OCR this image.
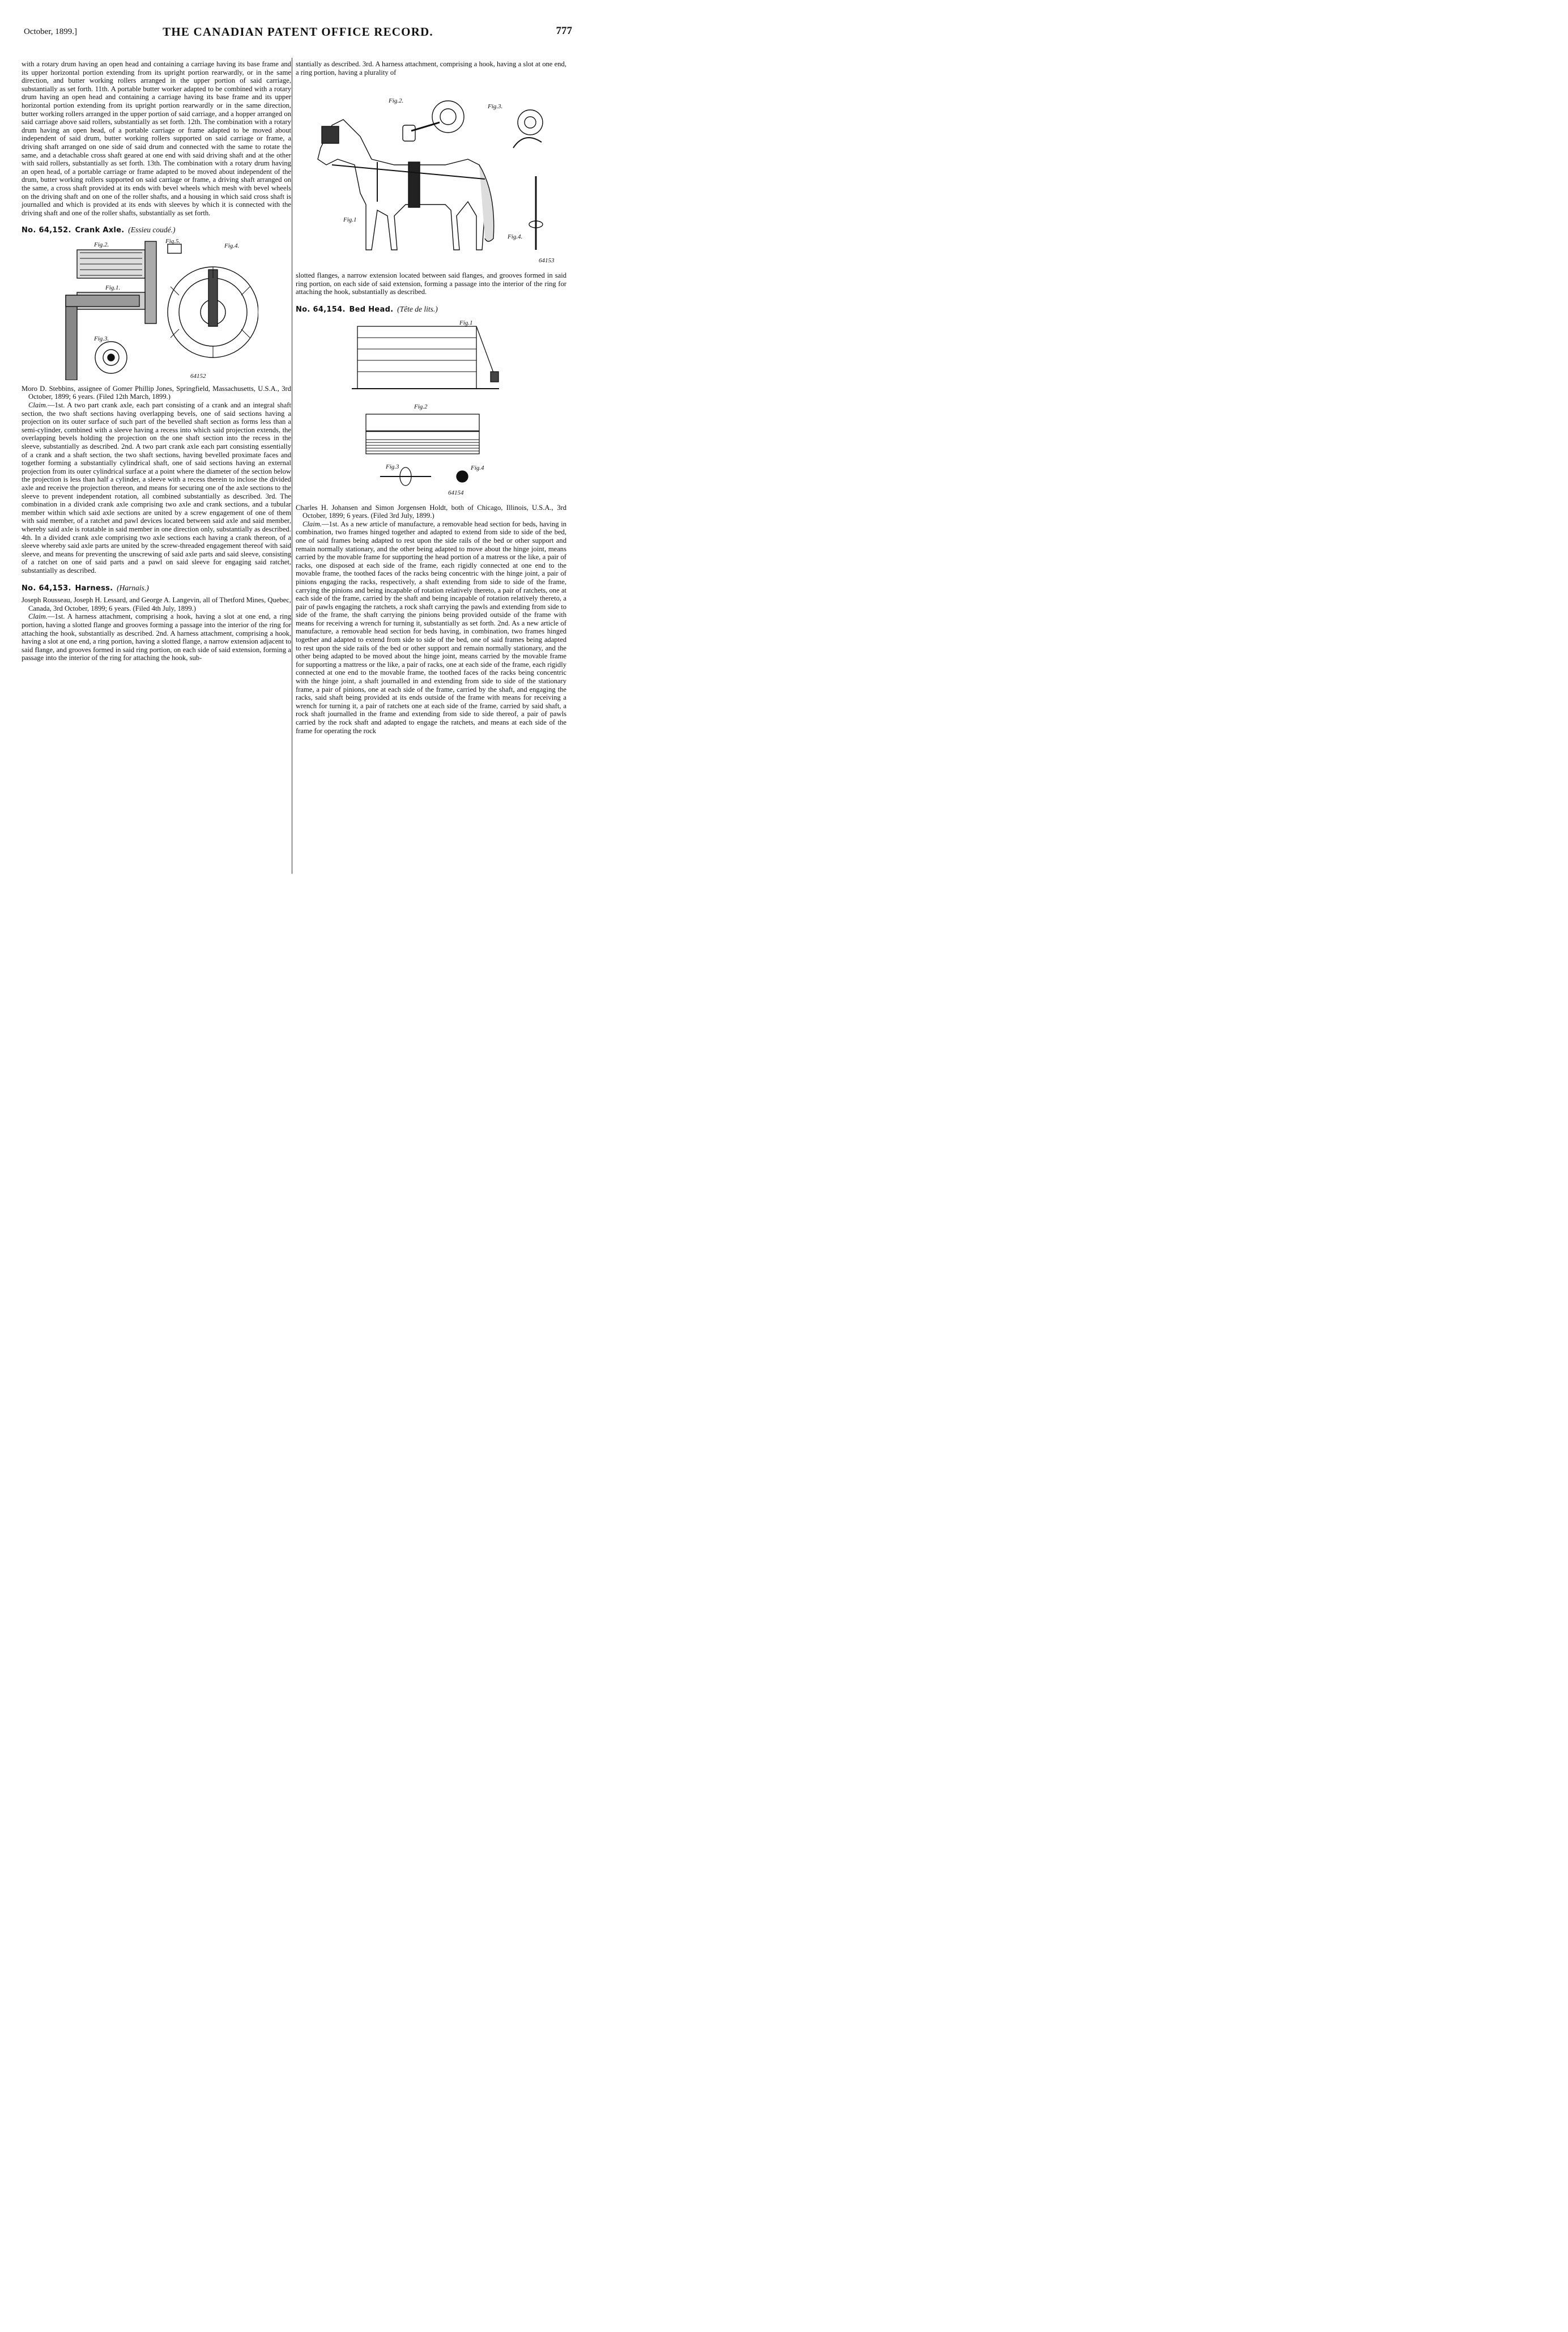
October, 1899.]	THE CANADIAN PATENT OFFICE RECORD.	777

with a rotary drum having an open head and containing a carriage having its base frame and its upper horizontal portion extending from its upright portion rearwardly, or in the same direction, and butter working rollers arranged in the upper portion of said carriage, substantially as set forth. 11th. A portable butter worker adapted to be combined with a rotary drum having an open head and containing a carriage having its base frame and its upper horizontal portion extending from its upright portion rearwardly or in the same direction, butter working rollers arranged in the upper portion of said carriage, and a hopper arranged on said carriage above said rollers, substantially as set forth. 12th. The combination with a rotary drum having an open head, of a portable carriage or frame adapted to be moved about independent of said drum, butter working rollers supported on said carriage or frame, a driving shaft arranged on one side of said drum and connected with the same to rotate the same, and a detachable cross shaft geared at one end with said driving shaft and at the other with said rollers, substantially as set forth. 13th. The combination with a rotary drum having an open head, of a portable carriage or frame adapted to be moved about independent of the drum, butter working rollers supported on said carriage or frame, a driving shaft arranged on the same, a cross shaft provided at its ends with bevel wheels which mesh with bevel wheels on the driving shaft and on one of the roller shafts, and a housing in which said cross shaft is journalled and which is provided at its ends with sleeves by which it is connected with the driving shaft and one of the roller shafts, substantially as set forth.

No. 64,152. Crank Axle. (Essieu coudé.)
Fig.2.	Fig.5.
Fig.4.
Fig.1.
Fig.3.
64152

Moro D. Stebbins, assignee of Gomer Phillip Jones, Springfield, Massachusetts, U.S.A., 3rd October, 1899; 6 years. (Filed 12th March, 1899.)

Claim.—1st. A two part crank axle, each part consisting of a crank and an integral shaft section, the two shaft sections having overlapping bevels, one of said sections having a projection on its outer surface of such part of the bevelled shaft section as forms less than a semi-cylinder, combined with a sleeve having a recess into which said projection extends, the overlapping bevels holding the projection on the one shaft section into the recess in the sleeve, substantially as described. 2nd. A two part crank axle each part consisting essentially of a crank and a shaft section, the two shaft sections, having bevelled proximate faces and together forming a substantially cylindrical shaft, one of said sections having an external projection from its outer cylindrical surface at a point where the diameter of the section below the projection is less than half a cylinder, a sleeve with a recess therein to inclose the divided axle and receive the projection thereon, and means for securing one of the axle sections to the sleeve to prevent independent rotation, all combined substantially as described. 3rd. The combination in a divided crank axle comprising two axle and crank sections, and a tubular member within which said axle sections are united by a screw engagement of one of them with said member, of a ratchet and pawl devices located between said axle and said member, whereby said axle is rotatable in said member in one direction only, substantially as described. 4th. In a divided crank axle comprising two axle sections each having a crank thereon, of a sleeve whereby said axle parts are united by the screw-threaded engagement thereof with said sleeve, and means for preventing the unscrewing of said axle parts and said sleeve, consisting of a ratchet on one of said parts and a pawl on said sleeve for engaging said ratchet, substantially as described.

No. 64,153. Harness. (Harnais.)

Joseph Rousseau, Joseph H. Lessard, and George A. Langevin, all of Thetford Mines, Quebec, Canada, 3rd October, 1899; 6 years. (Filed 4th July, 1899.)

Claim.—1st. A harness attachment, comprising a hook, having a slot at one end, a ring portion, having a slotted flange and grooves forming a passage into the interior of the ring for attaching the hook, substantially as described. 2nd. A harness attachment, comprising a hook, having a slot at one end, a ring portion, having a slotted flange, a narrow extension adjacent to said flange, and grooves formed in said ring portion, on each side of said extension, forming a passage into the interior of the ring for attaching the hook, sub-

stantially as described. 3rd. A harness attachment, comprising a hook, having a slot at one end, a ring portion, having a plurality of

Fig.2.
Fig.3.
Fig.1
Fig.4.
64153

slotted flanges, a narrow extension located between said flanges, and grooves formed in said ring portion, on each side of said extension, forming a passage into the interior of the ring for attaching the hook, substantially as described.

No. 64,154. Bed Head. (Tête de lits.)
Fig.1
Fig.2
Fig.3	Fig.4
64154

Charles H. Johansen and Simon Jorgensen Holdt, both of Chicago, Illinois, U.S.A., 3rd October, 1899; 6 years. (Filed 3rd July, 1899.)

Claim.—1st. As a new article of manufacture, a removable head section for beds, having in combination, two frames hinged together and adapted to extend from side to side of the bed, one of said frames being adapted to rest upon the side rails of the bed or other support and remain normally stationary, and the other being adapted to move about the hinge joint, means carried by the movable frame for supporting the head portion of a matress or the like, a pair of racks, one disposed at each side of the frame, each rigidly connected at one end to the movable frame, the toothed faces of the racks being concentric with the hinge joint, a pair of pinions engaging the racks, respectively, a shaft extending from side to side of the frame, carrying the pinions and being incapable of rotation relatively thereto, a pair of ratchets, one at each side of the frame, carried by the shaft and being incapable of rotation relatively thereto, a pair of pawls engaging the ratchets, a rock shaft carrying the pawls and extending from side to side of the frame, the shaft carrying the pinions being provided outside of the frame with means for receiving a wrench for turning it, substantially as set forth. 2nd. As a new article of manufacture, a removable head section for beds having, in combination, two frames hinged together and adapted to extend from side to side of the bed, one of said frames being adapted to rest upon the side rails of the bed or other support and remain normally stationary, and the other being adapted to be moved about the hinge joint, means carried by the movable frame for supporting a mattress or the like, a pair of racks, one at each side of the frame, each rigidly connected at one end to the movable frame, the toothed faces of the racks being concentric with the hinge joint, a shaft journalled in and extending from side to side of the stationary frame, a pair of pinions, one at each side of the frame, carried by the shaft, and engaging the racks, said shaft being provided at its ends outside of the frame with means for receiving a wrench for turning it, a pair of ratchets one at each side of the frame, carried by said shaft, a rock shaft journalled in the frame and extending from side to side thereof, a pair of pawls carried by the rock shaft and adapted to engage the ratchets, and means at each side of the frame for operating the rock
